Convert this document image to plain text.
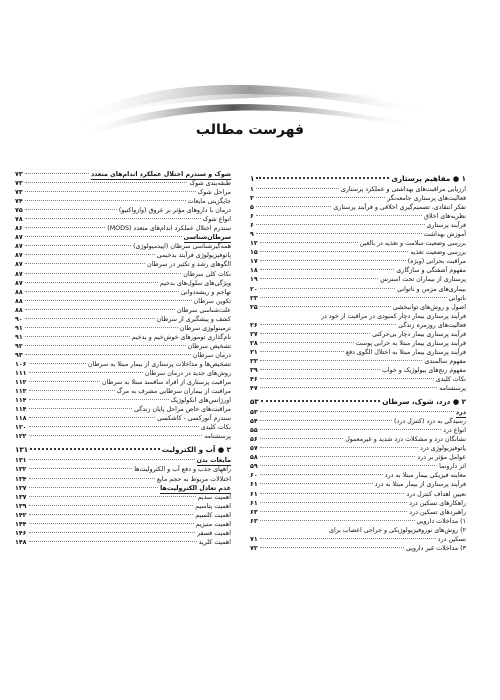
فهرست مطالب
۱ ● مفاهیم پرستاری
۱
ارزیابی مراقبت‌های بهداشتی و عملکرد پرستاری
۱
فعالیت‌های پرستاری جامعه‌نگر
۳
تفکر انتقادی، تصمیم‌گیری اخلاقی و فرآیند پرستاری
۵
نظریه‌های اخلاق
۶
فرآیند پرستاری
۶
آموزش بهداشت
۹
بررسی وضعیت سلامت و تغذیه در بالغین
۱۲
بررسی وضعیت تغذیه
۱۵
مراقبت بحرانی (ویژه)
۱۷
مفهوم آشفتگی و سازگاری
۱۸
پرستاری از بیماران تحت استرس
۱۹
بیماری‌های مزمن و ناتوانی
۲۰
ناتوانی
۲۳
اصول و روش‌های توانبخشی
۲۵
فرآیند پرستاری بیمار دچار کمبودی در مراقبت از خود در
فعالیت‌های روزمره زندگی
۲۶
فرآیند پرستاری بیمار دچار بی‌حرکتی
۲۷
فرآیند پرستاری بیمار مبتلا به خرابی پوست
۲۸
فرآیند پرستاری بیمار مبتلا به اختلال الگوی دفع
۳۱
مفهوم سالمندی
۳۳
مفهوم رنج‌های بیولوژیک و خواب
۳۹
نکات کلیدی
۴۶
پرسشنامه
۴۷
۲ ● درد، شوک، سرطان
۵۳
درد
۵۳
رسیدگی به درد (کنترل درد)
۵۴
انواع درد
۵۵
نشانگان درد و مشکلات درد شدید و غیرمعمول
۵۶
پاتوفیزیولوژی درد
۵۷
عوامل مؤثر بر درد
۵۸
اثر دارونما
۵۹
معاینه فیزیکی بیمار مبتلا به درد
۶۰
فرآیند پرستاری از بیمار مبتلا به درد
۶۱
تعیین اهداف کنترل درد
۶۱
راهکارهای تسکین درد
۶۱
راهبردهای تسکین درد
۶۳
۱) مداخلات دارویی
۶۳
۲) روش‌های نوروفیزیولوژیکی و جراحی اعصاب برای
تسکین درد
۷۱
۳) مداخلات غیر دارویی
۷۲
شوک و سندرم اختلال عملکرد اندام‌های متعدد
۷۳
طبقه‌بندی شوک
۷۳
مراحل شوک
۷۳
جایگزینی مایعات
۷۴
درمان با داروهای مؤثر بر عروق (وازواکتیو)
۷۵
انواع شوک
۷۸
سندرم اختلال عملکرد اندام‌های متعدد (MODS)
۸۶
سرطان‌شناسی
۸۷
همه‌گیرشناسی سرطان (اپیدمیولوژی)
۸۷
پاتوفیزیولوژی فرآیند بدخیمی
۸۷
الگوهای رشد و تکثیر در سرطان
۸۷
نکات کلی سرطان
۸۷
ویژگی‌های سلول‌های بدخیم
۸۷
تهاجم و ریشه‌دوانی
۸۸
تکوین سرطان
۸۸
علت‌شناسی سرطان
۸۸
کشف و پیشگیری از سرطان
۹۰
ترمینولوژی سرطان
۹۱
نام‌گذاری تومورهای خوش‌خیم و بدخیم
۹۱
تشخیص سرطان
۹۲
درمان سرطان
۹۳
تشخیص‌ها و مداخلات پرستاری از بیمار مبتلا به سرطان
۱۰۶
روش‌های جدید در درمان سرطان
۱۱۱
مراقبت پرستاری از افراد ساقمند مبتلا به سرطان
۱۱۲
مراقبت از بیماران سرطانی مشرف به مرگ
۱۱۳
اورژانس‌های انکولوژیک
۱۱۴
مراقبت‌های خاص مراحل پایان زندگی
۱۱۴
سندرم آنورکسی - کاشکسی
۱۱۸
نکات کلیدی
۱۲۰
پرسشنامه
۱۲۲
۳ ● آب و الکترولیت
۱۳۱
مایعات بدن
۱۳۱
راههای جذب و دفع آب و الکترولیت‌ها
۱۳۲
اختلالات مربوط به حجم مایع
۱۳۴
عدم تعادل الکترولیت‌ها
۱۳۷
اهمیت سدیم
۱۳۷
اهمیت پتاسیم
۱۳۹
اهمیت کلسیم
۱۴۲
اهمیت منیزیم
۱۴۴
اهمیت فسفر
۱۴۶
اهمیت کلرید
۱۴۸
